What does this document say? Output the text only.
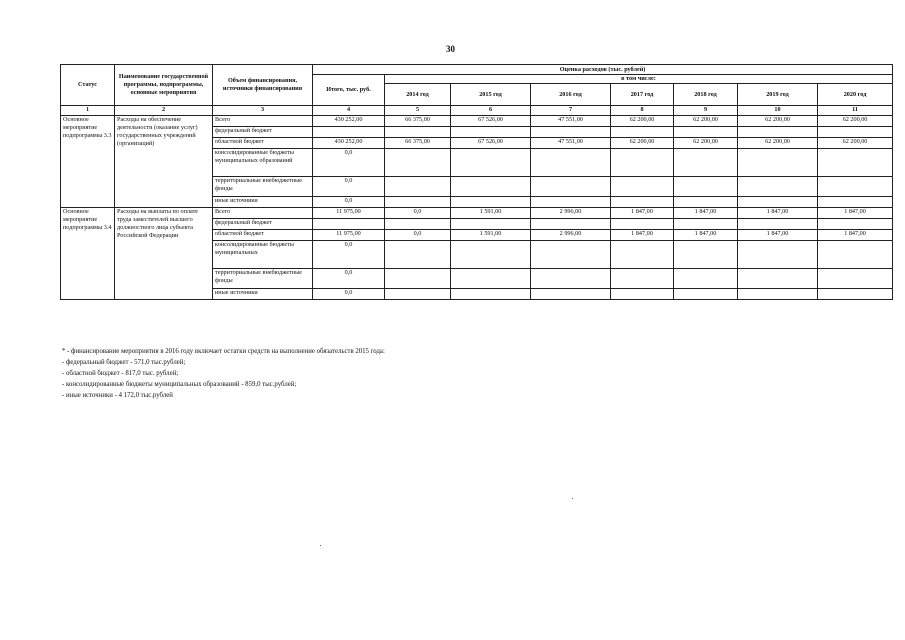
30
Статус	Наименование государственной программы, подпрограммы, основные мероприятия	Объем финансирования, источники финансирования	Оценка расходов (тыс. рублей)							
			Итого, тыс. руб.	в том числе:						
				2014 год	2015 год	2016 год	2017 год	2018 год	2019 год	2020 год
1	2	3	4	5	6	7	8	9	10	11
Основное мероприятие подпрограммы 3.3	Расходы на обеспечение деятельности (оказание услуг) государственных учреждений (организаций)	Всего	430 252,00	66 375,00	67 526,00	47 551,00	62 200,00	62 200,00	62 200,00	62 200,00
		федеральный бюджет								
		областной бюджет	430 252,00	66 375,00	67 526,00	47 551,00	62 200,00	62 200,00	62 200,00	62 200,00
		консолидированные бюджеты муниципальных образований	0,0							
		территориальные внебюджетные фонды	0,0							
		иные источники	0,0							
Основное мероприятие подпрограммы 3.4	Расходы на выплаты по оплате труда заместителей высшего должностного лица субъекта Российской Федерации	Всего	11 975,00	0,0	1 591,00	2 996,00	1 847,00	1 847,00	1 847,00	1 847,00
		федеральный бюджет								
		областной бюджет	11 975,00	0,0	1 591,00	2 996,00	1 847,00	1 847,00	1 847,00	1 847,00
		консолидированные бюджеты муниципальных	0,0							
		территориальные внебюджетные фонды	0,0							
		иные источники	0,0							
* - финансирование мероприятия в 2016 году включает остатки средств на выполнение обязательств 2015 года:
- федеральный бюджет - 571,0 тыс.рублей;
- областной бюджет - 817,0 тыс. рублей;
- консолидированные бюджеты муниципальных образований - 859,0 тыс.рублей;
- иные источники - 4 172,0 тыс.рублей
